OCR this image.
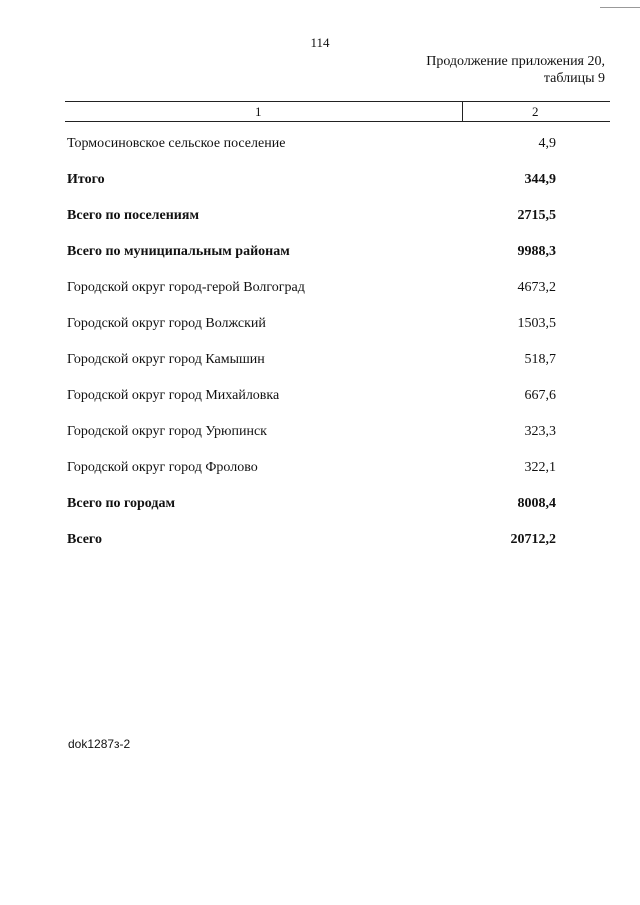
114
Продолжение приложения 20,
таблицы 9
1	2
Тормосиновское сельское поселение	4,9
Итого	344,9
Всего по поселениям	2715,5
Всего по муниципальным районам	9988,3
Городской округ город-герой Волгоград	4673,2
Городской округ город Волжский	1503,5
Городской округ город Камышин	518,7
Городской округ город Михайловка	667,6
Городской округ город Урюпинск	323,3
Городской округ город Фролово	322,1
Всего по городам	8008,4
Всего	20712,2
dok1287з-2
